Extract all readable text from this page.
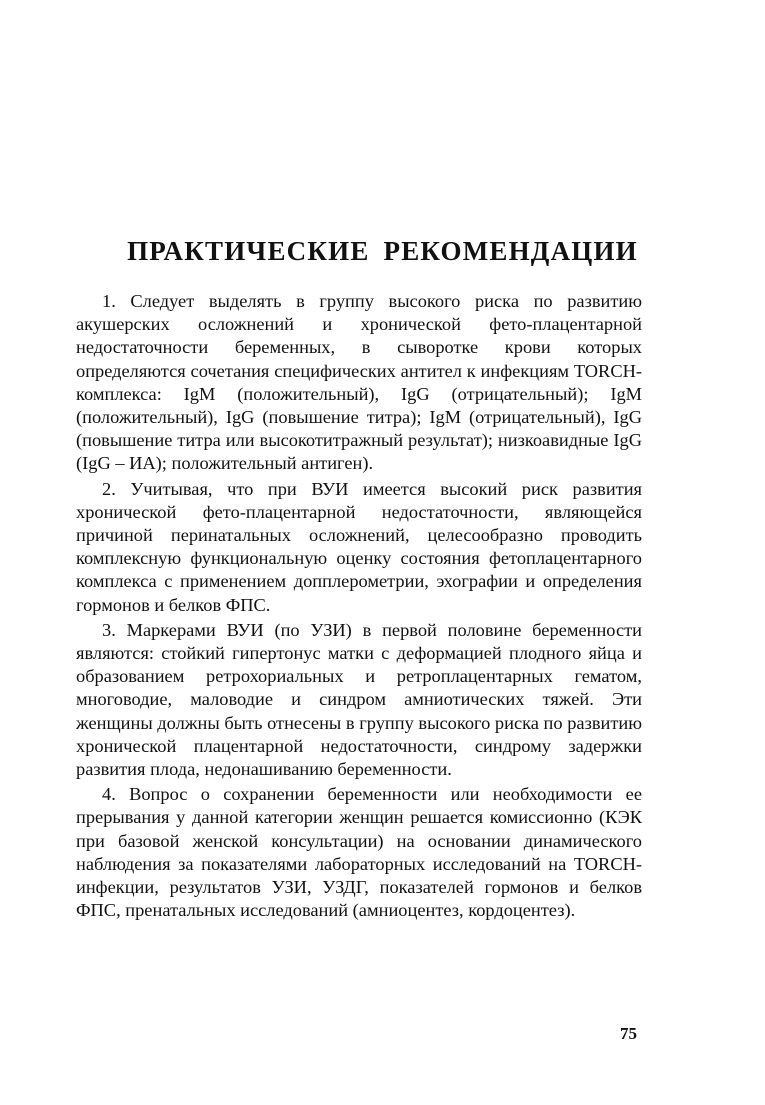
ПРАКТИЧЕСКИЕ РЕКОМЕНДАЦИИ

1. Следует выделять в группу высокого риска по развитию акушерских осложнений и хронической фето-плацентарной недостаточности беременных, в сыворотке крови которых определяются сочетания специфических антител к инфекциям TORCH-комплекса: IgM (положительный), IgG (отрицательный); IgM (положительный), IgG (повышение титра); IgM (отрицательный), IgG (повышение титра или высокотитражный результат); низкоавидные IgG (IgG – ИА); положительный антиген).

2. Учитывая, что при ВУИ имеется высокий риск развития хронической фето-плацентарной недостаточности, являющейся причиной перинатальных осложнений, целесообразно проводить комплексную функциональную оценку состояния фетоплацентарного комплекса с применением допплерометрии, эхографии и определения гормонов и белков ФПС.

3. Маркерами ВУИ (по УЗИ) в первой половине беременности являются: стойкий гипертонус матки с деформацией плодного яйца и образованием ретрохориальных и ретроплацентарных гематом, многоводие, маловодие и синдром амниотических тяжей. Эти женщины должны быть отнесены в группу высокого риска по развитию хронической плацентарной недостаточности, синдрому задержки развития плода, недонашиванию беременности.

4. Вопрос о сохранении беременности или необходимости ее прерывания у данной категории женщин решается комиссионно (КЭК при базовой женской консультации) на основании динамического наблюдения за показателями лабораторных исследований на TORCH-инфекции, результатов УЗИ, УЗДГ, показателей гормонов и белков ФПС, пренатальных исследований (амниоцентез, кордоцентез).

75
